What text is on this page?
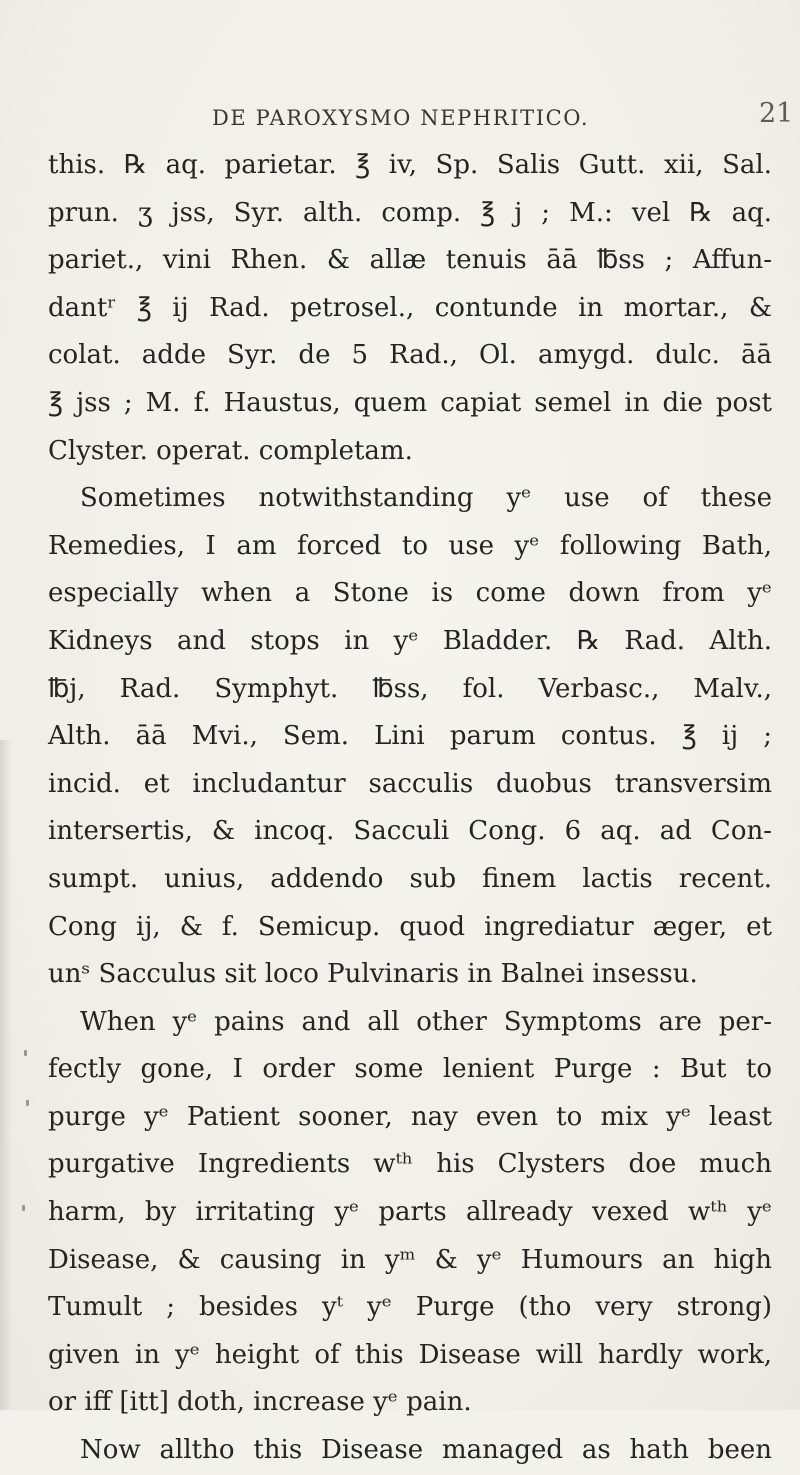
DE PAROXYSMO NEPHRITICO.	21
this. ℞ aq. parietar. ℥ iv, Sp. Salis Gutt. xii, Sal.
prun. ʒ jss, Syr. alth. comp. ℥ j ; M.: vel ℞ aq.
pariet., vini Rhen. & allæ tenuis āā ℔ss ; Affun-
dantʳ ℥ ij Rad. petrosel., contunde in mortar., &
colat. adde Syr. de 5 Rad., Ol. amygd. dulc. āā
℥ jss ; M. f. Haustus, quem capiat semel in die post
Clyster. operat. completam.
Sometimes notwithstanding yᵉ use of these
Remedies, I am forced to use yᵉ following Bath,
especially when a Stone is come down from yᵉ
Kidneys and stops in yᵉ Bladder. ℞ Rad. Alth.
℔j, Rad. Symphyt. ℔ss, fol. Verbasc., Malv.,
Alth. āā Mvi., Sem. Lini parum contus. ℥ ij ;
incid. et includantur sacculis duobus transversim
intersertis, & incoq. Sacculi Cong. 6 aq. ad Con-
sumpt. unius, addendo sub finem lactis recent.
Cong ij, & f. Semicup. quod ingrediatur æger, et
unˢ Sacculus sit loco Pulvinaris in Balnei insessu.
When yᵉ pains and all other Symptoms are per-
fectly gone, I order some lenient Purge : But to
purge yᵉ Patient sooner, nay even to mix yᵉ least
purgative Ingredients wᵗʰ his Clysters doe much
harm, by irritating yᵉ parts allready vexed wᵗʰ yᵉ
Disease, & causing in yᵐ & yᵉ Humours an high
Tumult ; besides yᵗ yᵉ Purge (tho very strong)
given in yᵉ height of this Disease will hardly work,
or iff [itt] doth, increase yᵉ pain.
Now alltho this Disease managed as hath been
